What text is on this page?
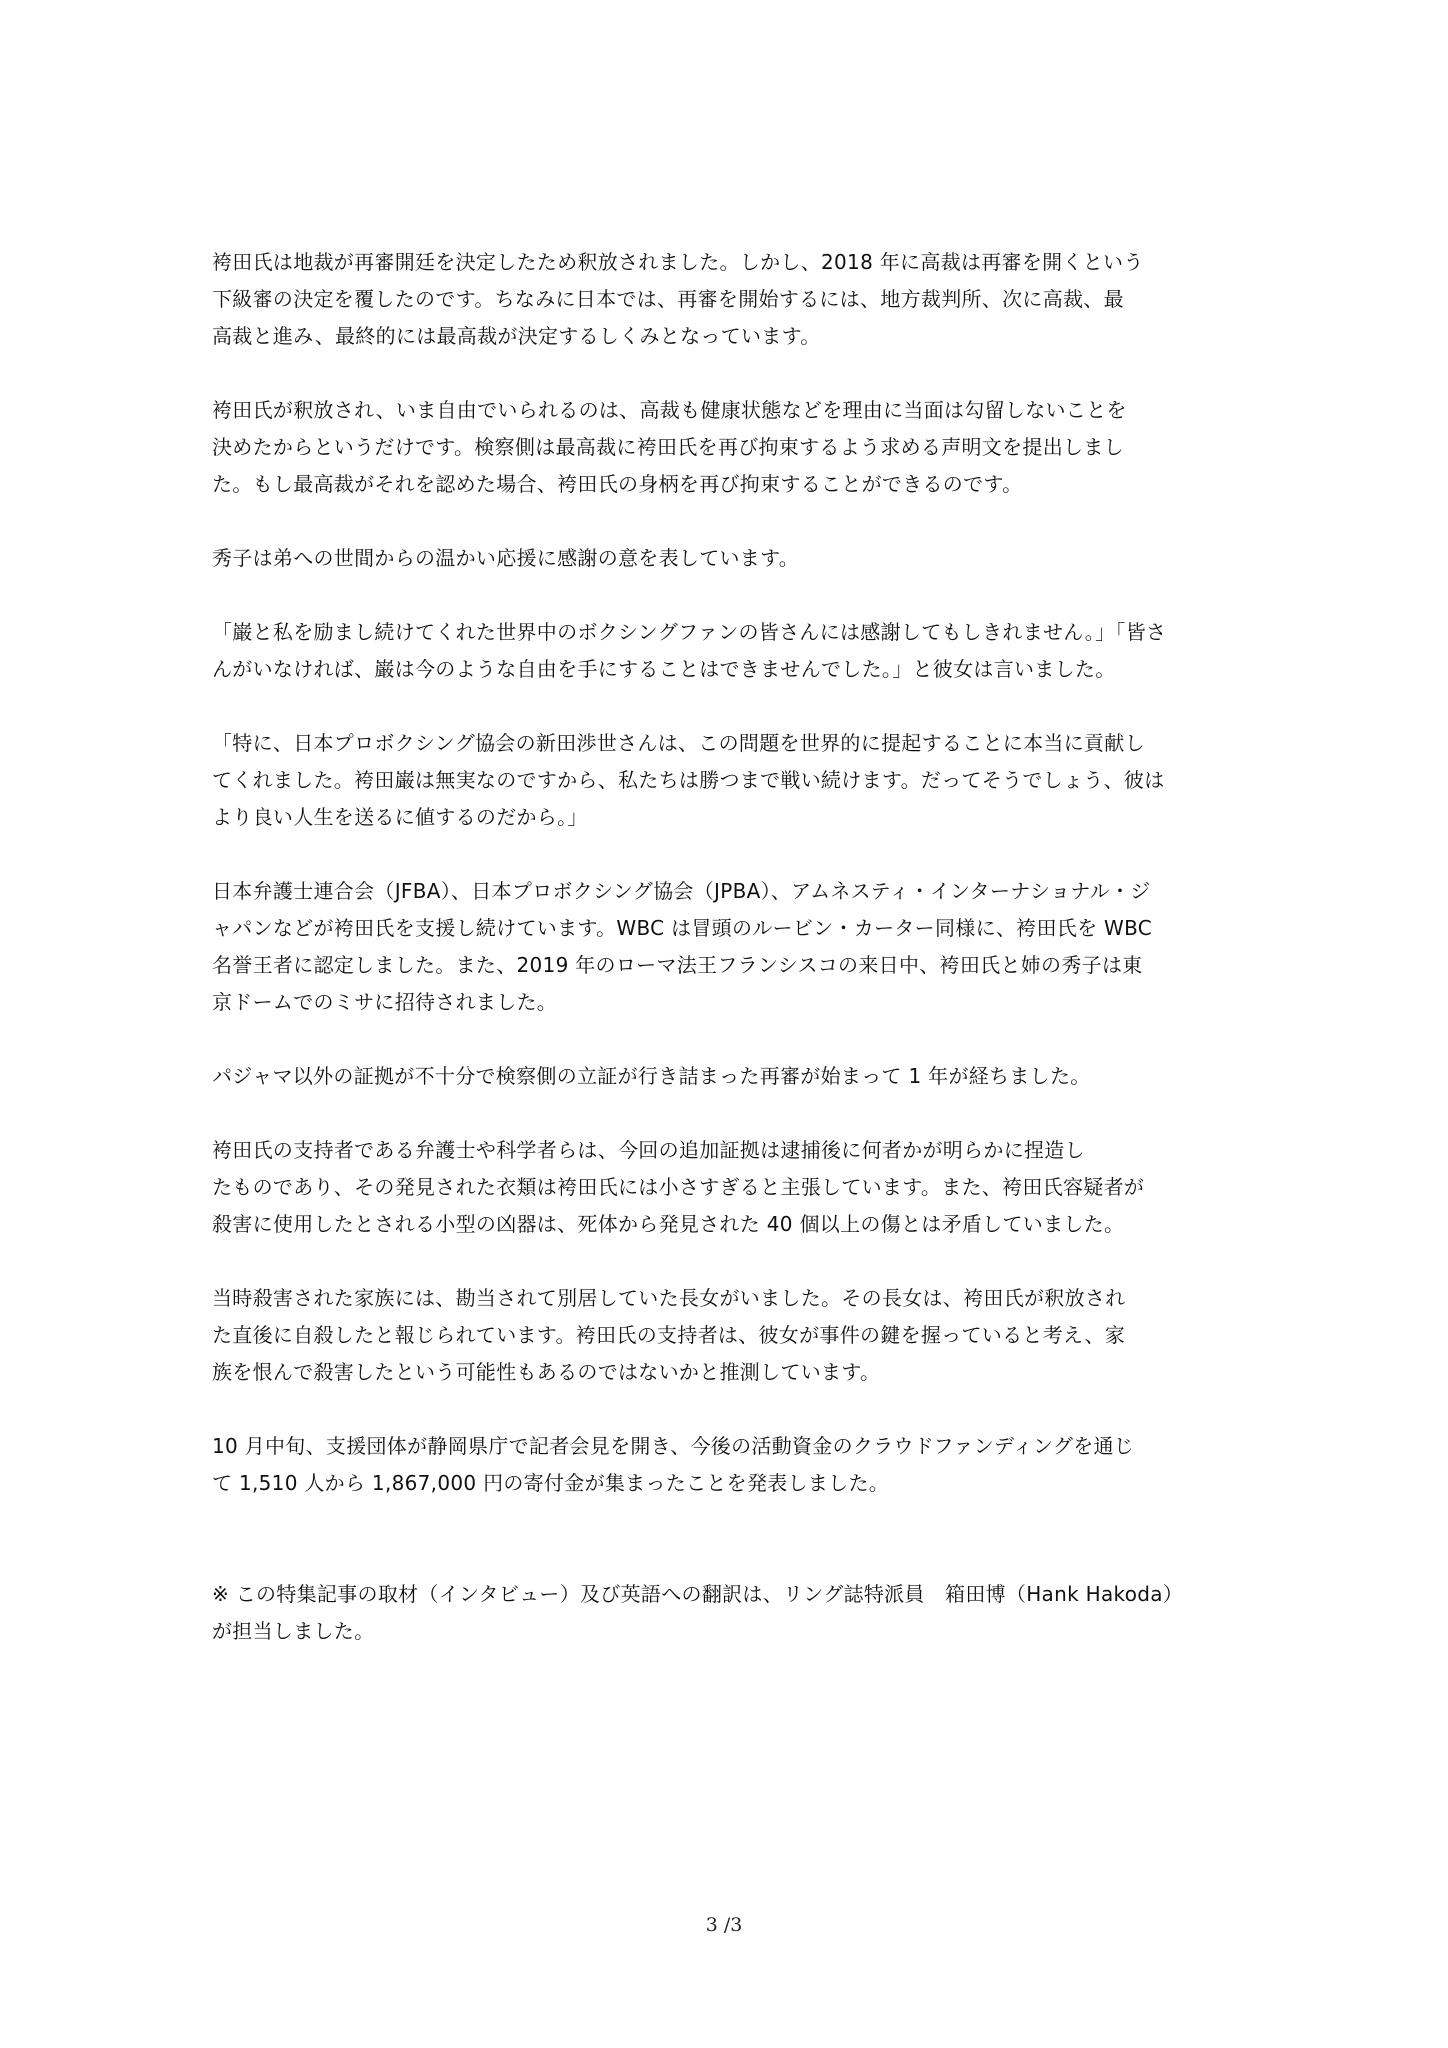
袴田氏は地裁が再審開廷を決定したため釈放されました。しかし、2018 年に高裁は再審を開くという
下級審の決定を覆したのです。ちなみに日本では、再審を開始するには、地方裁判所、次に高裁、最
高裁と進み、最終的には最高裁が決定するしくみとなっています。

袴田氏が釈放され、いま自由でいられるのは、高裁も健康状態などを理由に当面は勾留しないことを
決めたからというだけです。検察側は最高裁に袴田氏を再び拘束するよう求める声明文を提出しまし
た。もし最高裁がそれを認めた場合、袴田氏の身柄を再び拘束することができるのです。

秀子は弟への世間からの温かい応援に感謝の意を表しています。

「巌と私を励まし続けてくれた世界中のボクシングファンの皆さんには感謝してもしきれません。」「皆さ
んがいなければ、巌は今のような自由を手にすることはできませんでした。」と彼女は言いました。

「特に、日本プロボクシング協会の新田渉世さんは、この問題を世界的に提起することに本当に貢献し
てくれました。袴田巌は無実なのですから、私たちは勝つまで戦い続けます。だってそうでしょう、彼は
より良い人生を送るに値するのだから。」

日本弁護士連合会（JFBA）、日本プロボクシング協会（JPBA）、アムネスティ・インターナショナル・ジ
ャパンなどが袴田氏を支援し続けています。WBC は冒頭のルービン・カーター同様に、袴田氏を WBC
名誉王者に認定しました。また、2019 年のローマ法王フランシスコの来日中、袴田氏と姉の秀子は東
京ドームでのミサに招待されました。

パジャマ以外の証拠が不十分で検察側の立証が行き詰まった再審が始まって 1 年が経ちました。

袴田氏の支持者である弁護士や科学者らは、今回の追加証拠は逮捕後に何者かが明らかに捏造し
たものであり、その発見された衣類は袴田氏には小さすぎると主張しています。また、袴田氏容疑者が
殺害に使用したとされる小型の凶器は、死体から発見された 40 個以上の傷とは矛盾していました。

当時殺害された家族には、勘当されて別居していた長女がいました。その長女は、袴田氏が釈放され
た直後に自殺したと報じられています。袴田氏の支持者は、彼女が事件の鍵を握っていると考え、家
族を恨んで殺害したという可能性もあるのではないかと推測しています。

10 月中旬、支援団体が静岡県庁で記者会見を開き、今後の活動資金のクラウドファンディングを通じ
て 1,510 人から 1,867,000 円の寄付金が集まったことを発表しました。

※ この特集記事の取材（インタビュー）及び英語への翻訳は、リング誌特派員　箱田博（Hank Hakoda）
が担当しました。

3 /3
